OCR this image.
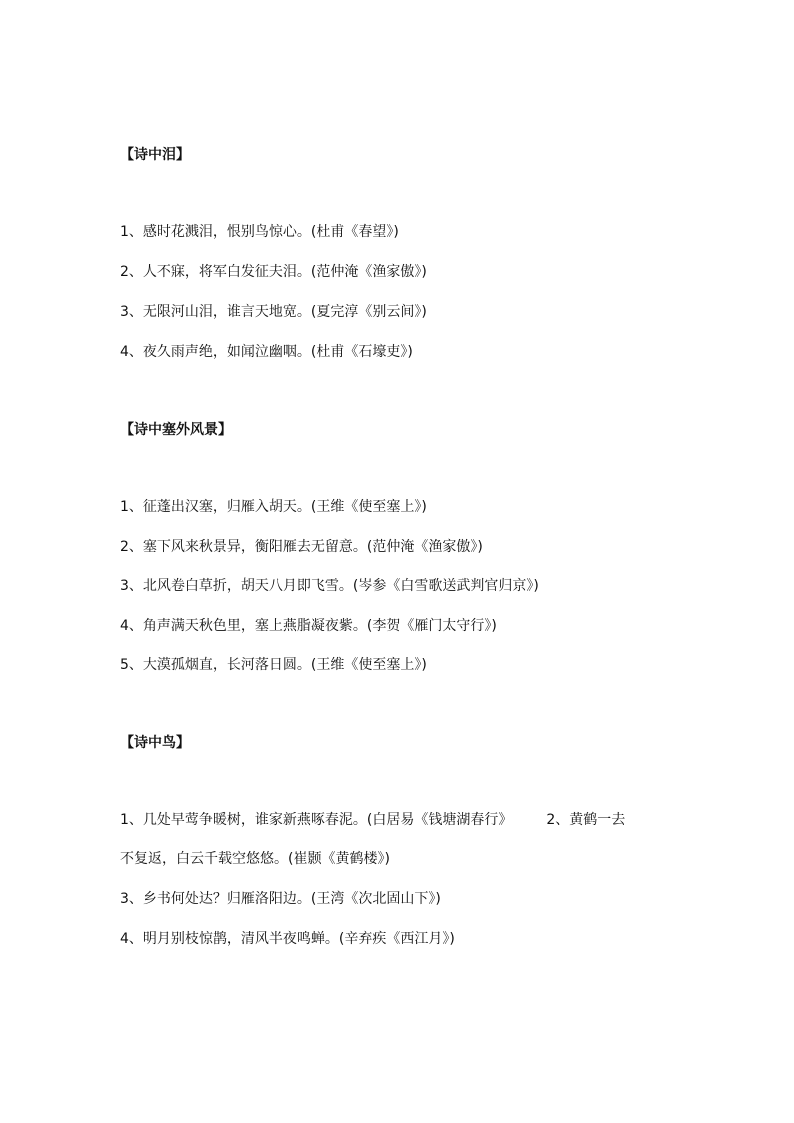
【诗中泪】
1、感时花溅泪，恨别鸟惊心。(杜甫《春望》)
2、人不寐，将军白发征夫泪。(范仲淹《渔家傲》)
3、无限河山泪，谁言天地宽。(夏完淳《别云间》)
4、夜久雨声绝，如闻泣幽咽。(杜甫《石壕吏》)
【诗中塞外风景】
1、征蓬出汉塞，归雁入胡天。(王维《使至塞上》)
2、塞下风来秋景异，衡阳雁去无留意。(范仲淹《渔家傲》)
3、北风卷白草折，胡天八月即飞雪。(岑参《白雪歌送武判官归京》)
4、角声满天秋色里，塞上燕脂凝夜紫。(李贺《雁门太守行》)
5、大漠孤烟直，长河落日圆。(王维《使至塞上》)
【诗中鸟】
1、几处早莺争暖树，谁家新燕啄春泥。(白居易《钱塘湖春行》 2、黄鹤一去
不复返，白云千载空悠悠。(崔颢《黄鹤楼》)
3、乡书何处达？归雁洛阳边。(王湾《次北固山下》)
4、明月别枝惊鹊，清风半夜鸣蝉。(辛弃疾《西江月》)
